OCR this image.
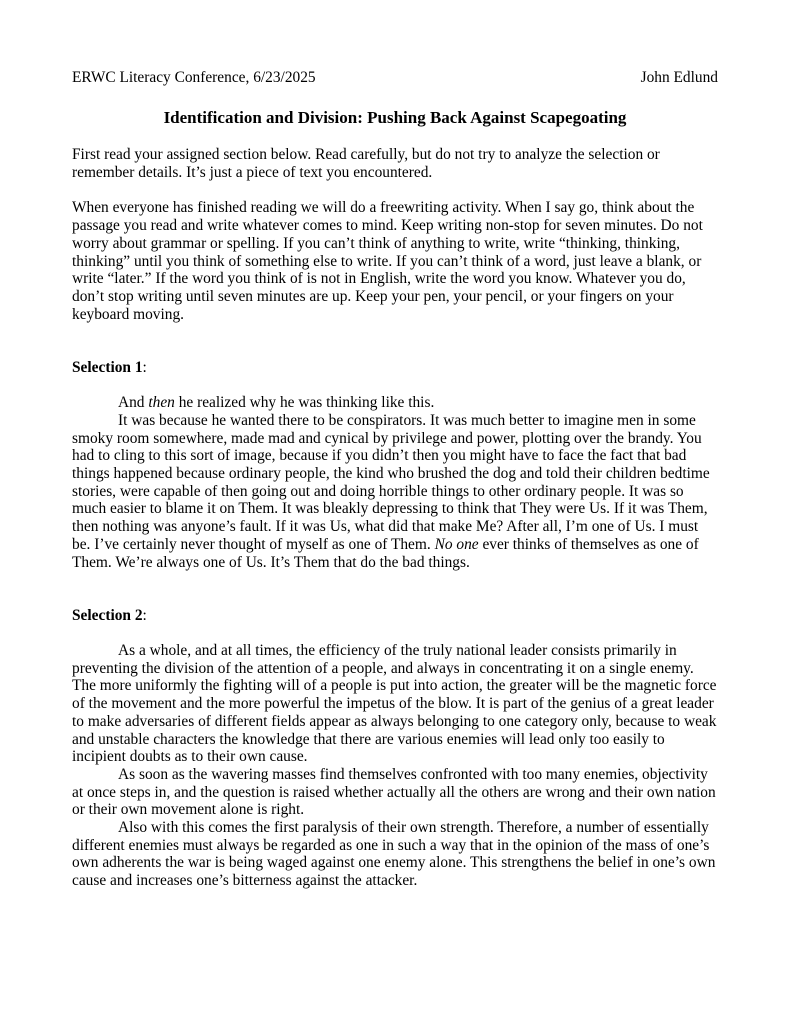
ERWC Literacy Conference, 6/23/2025	John Edlund
Identification and Division: Pushing Back Against Scapegoating

First read your assigned section below. Read carefully, but do not try to analyze the selection or remember details. It’s just a piece of text you encountered.

When everyone has finished reading we will do a freewriting activity. When I say go, think about the passage you read and write whatever comes to mind. Keep writing non-stop for seven minutes. Do not worry about grammar or spelling. If you can’t think of anything to write, write “thinking, thinking, thinking” until you think of something else to write. If you can’t think of a word, just leave a blank, or write “later.” If the word you think of is not in English, write the word you know. Whatever you do, don’t stop writing until seven minutes are up. Keep your pen, your pencil, or your fingers on your keyboard moving.

Selection 1:

And then he realized why he was thinking like this.

It was because he wanted there to be conspirators. It was much better to imagine men in some smoky room somewhere, made mad and cynical by privilege and power, plotting over the brandy. You had to cling to this sort of image, because if you didn’t then you might have to face the fact that bad things happened because ordinary people, the kind who brushed the dog and told their children bedtime stories, were capable of then going out and doing horrible things to other ordinary people. It was so much easier to blame it on Them. It was bleakly depressing to think that They were Us. If it was Them, then nothing was anyone’s fault. If it was Us, what did that make Me? After all, I’m one of Us. I must be. I’ve certainly never thought of myself as one of Them. No one ever thinks of themselves as one of Them. We’re always one of Us. It’s Them that do the bad things.

Selection 2:

As a whole, and at all times, the efficiency of the truly national leader consists primarily in preventing the division of the attention of a people, and always in concentrating it on a single enemy. The more uniformly the fighting will of a people is put into action, the greater will be the magnetic force of the movement and the more powerful the impetus of the blow. It is part of the genius of a great leader to make adversaries of different fields appear as always belonging to one category only, because to weak and unstable characters the knowledge that there are various enemies will lead only too easily to incipient doubts as to their own cause.

As soon as the wavering masses find themselves confronted with too many enemies, objectivity at once steps in, and the question is raised whether actually all the others are wrong and their own nation or their own movement alone is right.

Also with this comes the first paralysis of their own strength. Therefore, a number of essentially different enemies must always be regarded as one in such a way that in the opinion of the mass of one’s own adherents the war is being waged against one enemy alone. This strengthens the belief in one’s own cause and increases one’s bitterness against the attacker.
